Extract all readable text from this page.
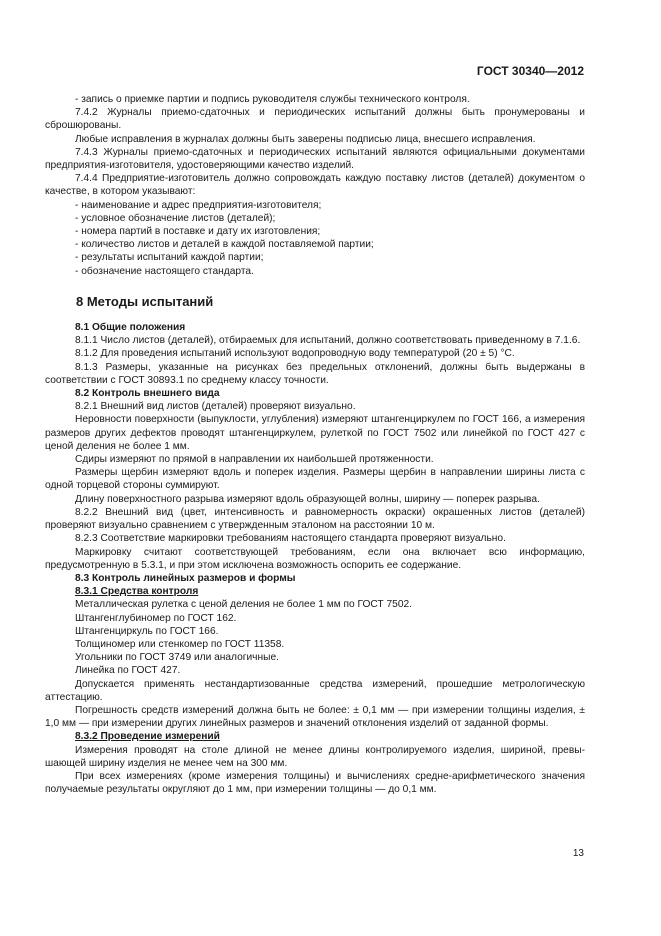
ГОСТ 30340—2012
- запись о приемке партии и подпись руководителя службы технического контроля.
7.4.2 Журналы приемо-сдаточных и периодических испытаний должны быть пронумерованы и сброшюрованы.
Любые исправления в журналах должны быть заверены подписью лица, внесшего исправления.
7.4.3 Журналы приемо-сдаточных и периодических испытаний являются официальными документами предприятия-изготовителя, удостоверяющими качество изделий.
7.4.4 Предприятие-изготовитель должно сопровождать каждую поставку листов (деталей) документом о качестве, в котором указывают:
- наименование и адрес предприятия-изготовителя;
- условное обозначение листов (деталей);
- номера партий в поставке и дату их изготовления;
- количество листов и деталей в каждой поставляемой партии;
- результаты испытаний каждой партии;
- обозначение настоящего стандарта.
8 Методы испытаний
8.1 Общие положения
8.1.1 Число листов (деталей), отбираемых для испытаний, должно соответствовать приведенному в 7.1.6.
8.1.2 Для проведения испытаний используют водопроводную воду температурой (20 ± 5) °С.
8.1.3 Размеры, указанные на рисунках без предельных отклонений, должны быть выдержаны в соответствии с ГОСТ 30893.1 по среднему классу точности.
8.2 Контроль внешнего вида
8.2.1 Внешний вид листов (деталей) проверяют визуально.
Неровности поверхности (выпуклости, углубления) измеряют штангенциркулем по ГОСТ 166, а измерения размеров других дефектов проводят штангенциркулем, рулеткой по ГОСТ 7502 или линейкой по ГОСТ 427 с ценой деления не более 1 мм.
Сдиры измеряют по прямой в направлении их наибольшей протяженности.
Размеры щербин измеряют вдоль и поперек изделия. Размеры щербин в направлении ширины листа с одной торцевой стороны суммируют.
Длину поверхностного разрыва измеряют вдоль образующей волны, ширину — поперек разрыва.
8.2.2 Внешний вид (цвет, интенсивность и равномерность окраски) окрашенных листов (деталей) проверяют визуально сравнением с утвержденным эталоном на расстоянии 10 м.
8.2.3 Соответствие маркировки требованиям настоящего стандарта проверяют визуально.
Маркировку считают соответствующей требованиям, если она включает всю информацию, предусмотренную в 5.3.1, и при этом исключена возможность оспорить ее содержание.
8.3 Контроль линейных размеров и формы
8.3.1 Средства контроля
Металлическая рулетка с ценой деления не более 1 мм по ГОСТ 7502.
Штангенглубиномер по ГОСТ 162.
Штангенциркуль по ГОСТ 166.
Толщиномер или стенкомер по ГОСТ 11358.
Угольники по ГОСТ 3749 или аналогичные.
Линейка по ГОСТ 427.
Допускается применять нестандартизованные средства измерений, прошедшие метрологическую аттестацию.
Погрешность средств измерений должна быть не более: ± 0,1 мм — при измерении толщины изделия, ± 1,0 мм — при измерении других линейных размеров и значений отклонения изделий от заданной формы.
8.3.2 Проведение измерений
Измерения проводят на столе длиной не менее длины контролируемого изделия, шириной, превышающей ширину изделия не менее чем на 300 мм.
При всех измерениях (кроме измерения толщины) и вычислениях средне-арифметического значения получаемые результаты округляют до 1 мм, при измерении толщины — до 0,1 мм.
13
